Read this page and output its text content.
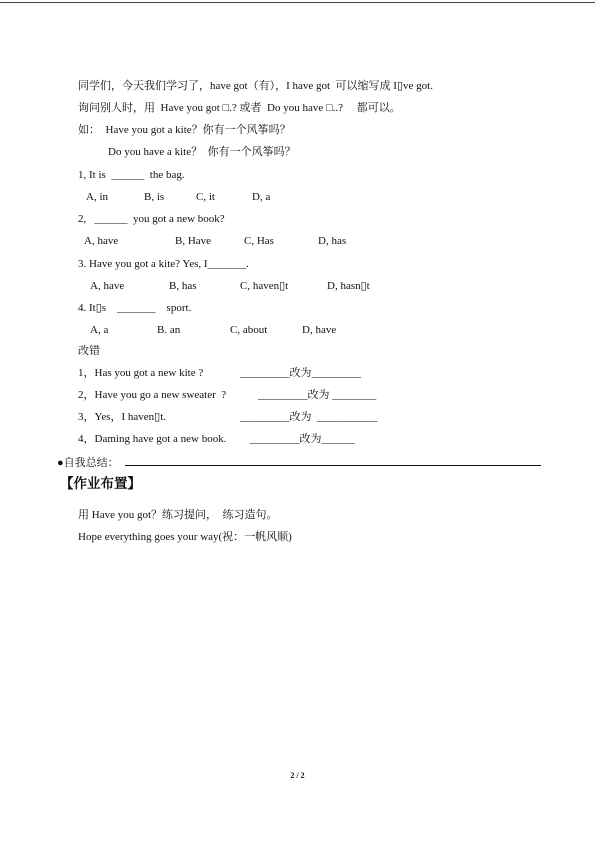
同学们，今天我们学习了，have got（有），I have got  可以缩写成 I▯ve got.
询问别人时，用  Have you got □.? 或者  Do you have □..?     都可以。
如：  Have you got a kite？你有一个风筝吗？
Do you have a kite？  你有一个风筝吗？
1, It is  ______  the bag.
A, in	B, is	C, it	D, a
2,   ______  you got a new book?
A, have	B, Have	C, Has	D, has
3. Have you got a kite? Yes, I_______.
A, have	B, has	C, haven▯t	D, hasn▯t
4. It▯s    _______    sport.
A, a	B. an	C, about	D, have
改错
1，Has you got a new kite ?	_________改为_________
2，Have you go a new sweater  ?	_________改为 ________
3，Yes，I haven▯t.	_________改为  ___________
4，Daming have got a new book. _________改为______
●自我总结：
【作业布置】
用 Have you got？练习提问，  练习造句。
Hope everything goes your way(祝：一帆风顺)
2 / 2
